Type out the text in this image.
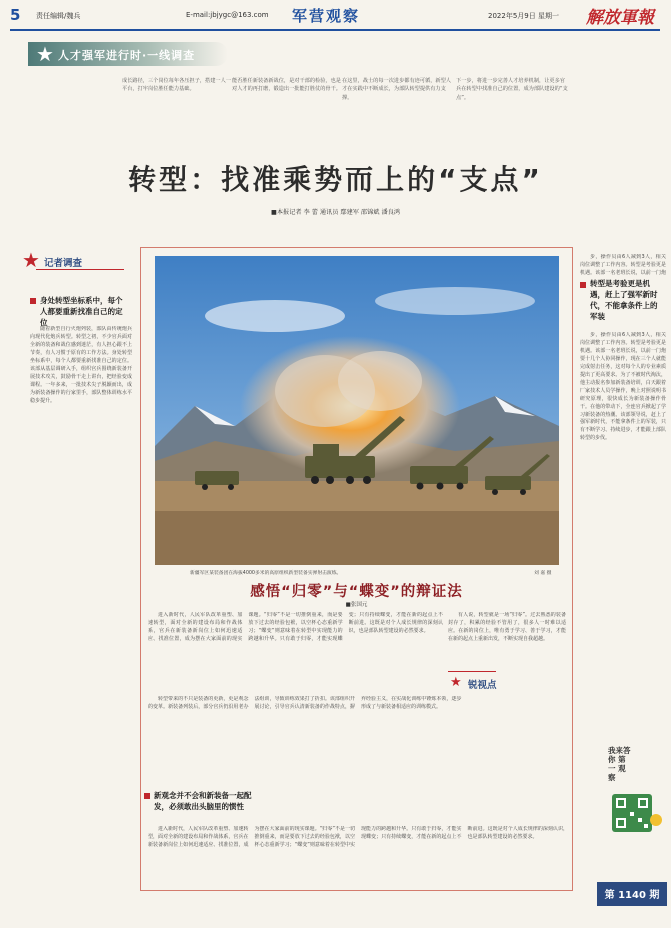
5 责任编辑/魏兵	E-mail:jbjygc@163.com 军营观察	2022年5月9日 星期一 解放軍報
★ 人才强军进行时·一线调查
成长路径，三个岗位每年各压担子，搭建一人一平台，打牢岗位胜任能力基础。
能否胜任新装备新战位，是对干部的检验，也是对人才的再打磨，锻造出一批能打胜仗的骨干。
在这里，战士的每一次进步都有迹可循，新型人才在实践中不断成长，为部队转型提供有力支撑。
下一步，将进一步完善人才培养机制，让更多官兵在转型中找准自己的位置，成为部队建设的“支点”。
转型：找准乘势而上的“支点”
■本报记者 李 蕾 通讯员 鄢建军 邵锦斌 潘良鸿
★ 记者调查
身处转型坐标系中，每个人都要重新找准自己的定位

随着新型自行火炮列装，部队由传统炮兵向现代化炮兵转型。转型之初，不少官兵面对全新的装备和战位感到迷茫，有人担心跟不上节奏，有人习惯于原有的工作方法。身处转型坐标系中，每个人都要重新找准自己的定位。该部从基层调研入手，组织官兵围绕新装备开展技术攻关，鼓励骨干走上讲台，把经验变成课程。一年多来，一批技术尖子脱颖而出，成为新装备操作的行家里手，部队整体训练水平稳步提升。

新疆军区某装备团在海拔4000多米的高原组织新型装备实弹射击演练。	刘 嘉 摄
感悟“归零”与“蝶变”的辩证法
■张国元

进入新时代，人民军队改革重塑、加速转型，面对全新的建设布局和作战体系，官兵在新装备新岗位上如何迅速适应、找准位置，成为摆在大家面前的现实课题。“归零”不是一切推倒重来，而是要放下过去的经验包袱，以空杯心态重新学习；“蝶变”则意味着在转型中实现能力的跨越和升华。只有敢于归零，才能实现蝶变；只有持续蝶变，才能在新的起点上不断前进。这既是对个人成长规律的深刻认识，也是部队转型建设的必然要求。

有人说，转型就是一场“归零”。过去熟悉的装备封存了，积累的经验不管用了，很多人一时难以适应。在新的岗位上，唯有勇于学习、善于学习，才能在新的起点上重新出发，不断实现自我超越。

★ 锐视点
新观念并不会和新装备一起配发，必须敢出头脑里的惯性

转型带来的不只是装备的更新，更是观念的变革。新装备列装后，部分官兵仍沿用老办法组训，导致训练效果打了折扣。该部组织开展讨论，引导官兵认清新装备的作战特点，摒弃经验主义，在实战化训练中锤炼本领，逐步形成了与新装备相适应的训练模式。

进入新时代，人民军队改革重塑、加速转型，面对全新的建设布局和作战体系，官兵在新装备新岗位上如何迅速适应、找准位置，成为摆在大家面前的现实课题。“归零”不是一切推倒重来，而是要放下过去的经验包袱，以空杯心态重新学习；“蝶变”则意味着在转型中实现能力的跨越和升华。只有敢于归零，才能实现蝶变；只有持续蝶变，才能在新的起点上不断前进。这既是对个人成长规律的深刻认识，也是部队转型建设的必然要求。

转型是考验更是机遇，赶上了强军新时代，不能拿条件上的军装

步，操作员由6人减到3人，相关岗位调整了工作内容。转型是考验更是机遇。该部一名老班长说，以前一门炮

步，操作员由6人减到3人，相关岗位调整了工作内容。转型是考验更是机遇。该部一名老班长说，以前一门炮要十几个人协同操作，现在三个人就能完成射击任务，这对每个人的专业素质提出了更高要求。为了不被时代淘汰，他主动报名参加新装备培训，白天跟着厂家技术人员学操作，晚上对照说明书研究原理，很快成长为新装备操作骨干。在他的带动下，全连官兵掀起了学习新装备的热潮。该部领导说，赶上了强军新时代，不能拿条件上的军装，只有不断学习、持续进步，才能跟上部队转型的步伐。

我来答 你 第 一 观 察
第 1140 期
